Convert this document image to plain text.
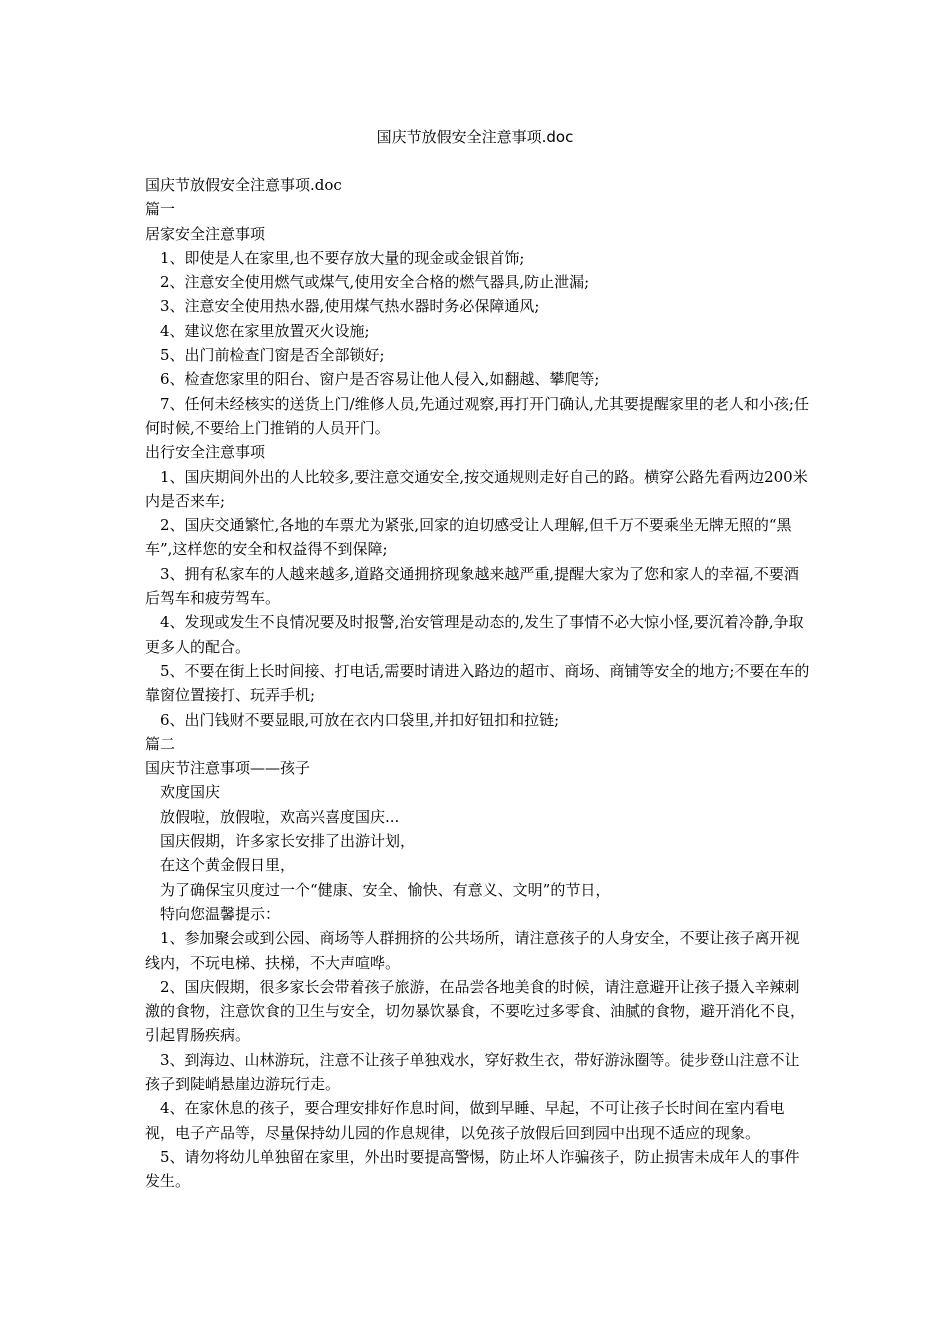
国庆节放假安全注意事项.doc
国庆节放假安全注意事项.doc
篇一
居家安全注意事项
1、即使是人在家里,也不要存放大量的现金或金银首饰;
2、注意安全使用燃气或煤气,使用安全合格的燃气器具,防止泄漏;
3、注意安全使用热水器,使用煤气热水器时务必保障通风;
4、建议您在家里放置灭火设施;
5、出门前检查门窗是否全部锁好;
6、检查您家里的阳台、窗户是否容易让他人侵入,如翻越、攀爬等;
7、任何未经核实的送货上门/维修人员,先通过观察,再打开门确认,尤其要提醒家里的老人和小孩;任何时候,不要给上门推销的人员开门。
出行安全注意事项
1、国庆期间外出的人比较多,要注意交通安全,按交通规则走好自己的路。横穿公路先看两边200米内是否来车;
2、国庆交通繁忙,各地的车票尤为紧张,回家的迫切感受让人理解,但千万不要乘坐无牌无照的“黑车”,这样您的安全和权益得不到保障;
3、拥有私家车的人越来越多,道路交通拥挤现象越来越严重,提醒大家为了您和家人的幸福,不要酒后驾车和疲劳驾车。
4、发现或发生不良情况要及时报警,治安管理是动态的,发生了事情不必大惊小怪,要沉着冷静,争取更多人的配合。
5、不要在街上长时间接、打电话,需要时请进入路边的超市、商场、商铺等安全的地方;不要在车的靠窗位置接打、玩弄手机;
6、出门钱财不要显眼,可放在衣内口袋里,并扣好钮扣和拉链;
篇二
国庆节注意事项——孩子
欢度国庆
放假啦，放假啦，欢高兴喜度国庆...
国庆假期，许多家长安排了出游计划，
在这个黄金假日里，
为了确保宝贝度过一个“健康、安全、愉快、有意义、文明”的节日，
特向您温馨提示：
1、参加聚会或到公园、商场等人群拥挤的公共场所，请注意孩子的人身安全，不要让孩子离开视线内，不玩电梯、扶梯，不大声喧哗。
2、国庆假期，很多家长会带着孩子旅游，在品尝各地美食的时候，请注意避开让孩子摄入辛辣刺激的食物，注意饮食的卫生与安全，切勿暴饮暴食，不要吃过多零食、油腻的食物，避开消化不良，引起胃肠疾病。
3、到海边、山林游玩，注意不让孩子单独戏水，穿好救生衣，带好游泳圈等。徒步登山注意不让孩子到陡峭悬崖边游玩行走。
4、在家休息的孩子，要合理安排好作息时间，做到早睡、早起，不可让孩子长时间在室内看电视，电子产品等，尽量保持幼儿园的作息规律，以免孩子放假后回到园中出现不适应的现象。
5、请勿将幼儿单独留在家里，外出时要提高警惕，防止坏人诈骗孩子，防止损害未成年人的事件发生。
